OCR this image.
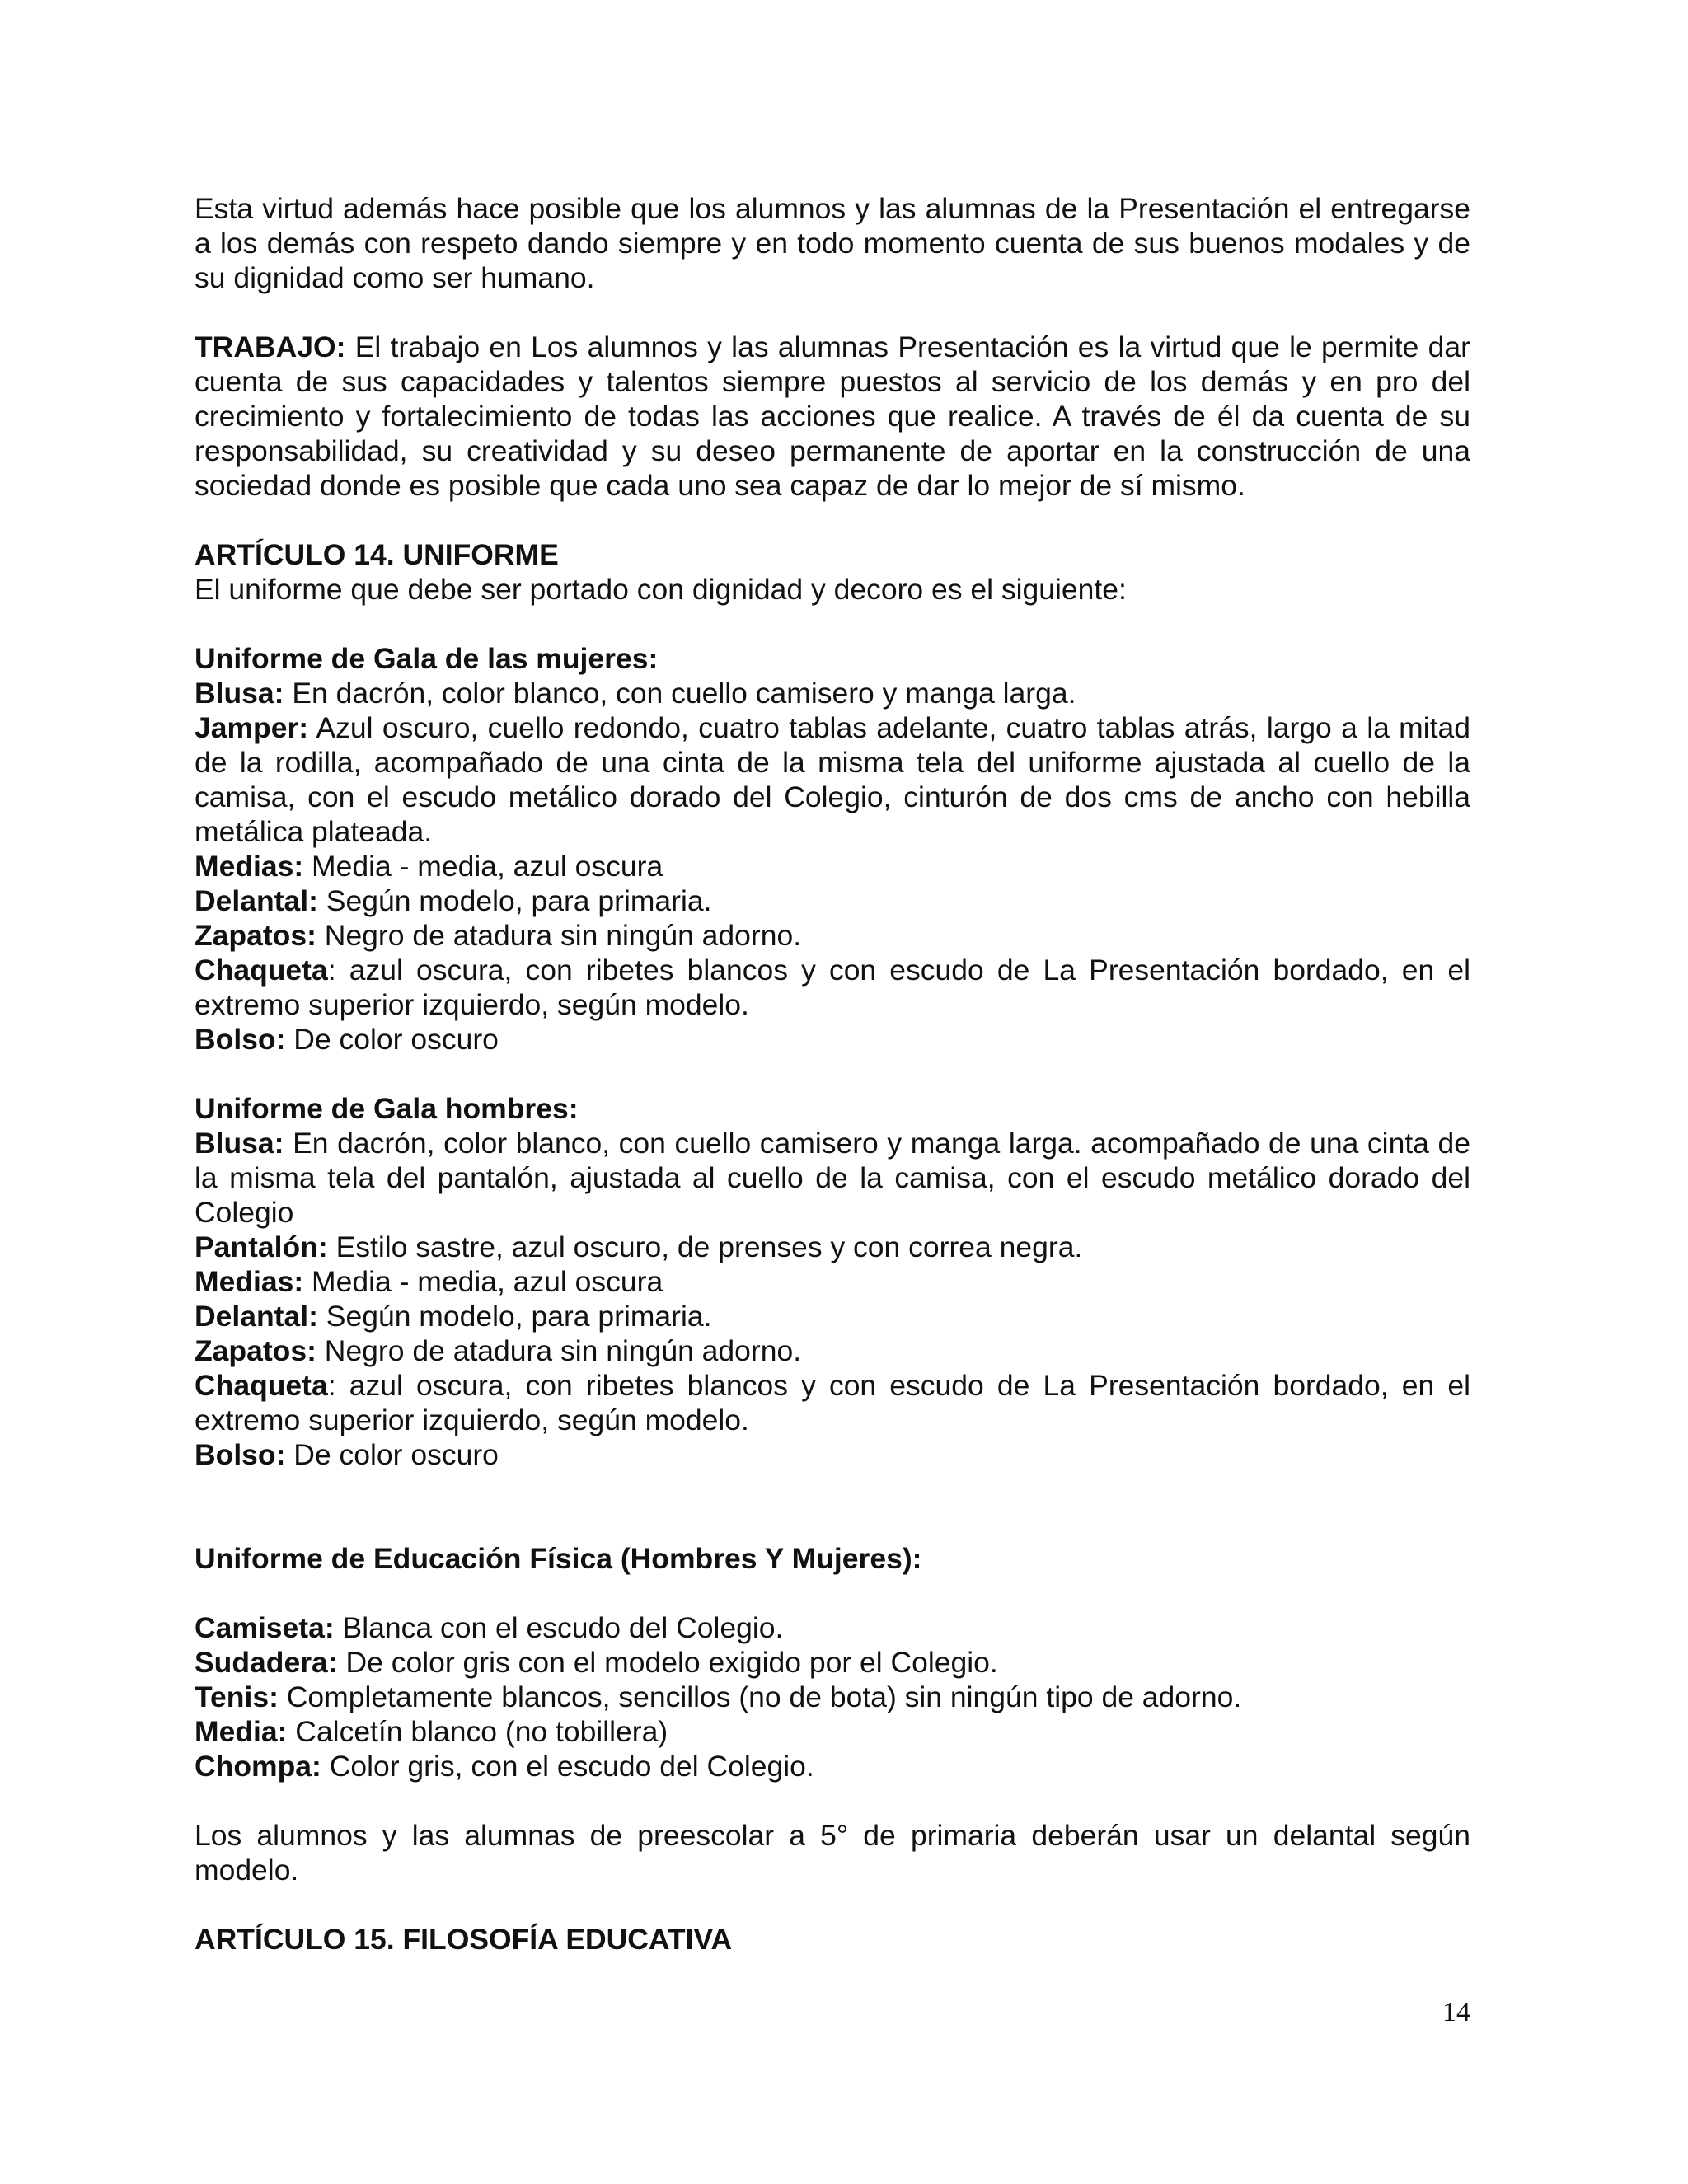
Esta virtud además hace posible que los alumnos y las alumnas de la Presentación el entregarse a los demás con respeto dando siempre y en todo momento cuenta de sus buenos modales y de su dignidad como ser humano.

TRABAJO: El trabajo en Los alumnos y las alumnas Presentación es la virtud que le permite dar cuenta de sus capacidades y talentos siempre puestos al servicio de los demás y en pro del crecimiento y fortalecimiento de todas las acciones que realice. A través de él da cuenta de su responsabilidad, su creatividad y su deseo permanente de aportar en la construcción de una sociedad donde es posible que cada uno sea capaz de dar lo mejor de sí mismo.

ARTÍCULO 14. UNIFORME

El uniforme que debe ser portado con dignidad y decoro es el siguiente:

Uniforme de Gala de las mujeres:

Blusa: En dacrón, color blanco, con cuello camisero y manga larga.

Jamper: Azul oscuro, cuello redondo, cuatro tablas adelante, cuatro tablas atrás, largo a la mitad de la rodilla, acompañado de una cinta de la misma tela del uniforme ajustada al cuello de la camisa, con el escudo metálico dorado del Colegio, cinturón de dos cms de ancho con hebilla metálica plateada.

Medias: Media - media, azul oscura

Delantal: Según modelo, para primaria.

Zapatos: Negro de atadura sin ningún adorno.

Chaqueta: azul oscura, con ribetes blancos y con escudo de La Presentación bordado, en el extremo superior izquierdo, según modelo.

Bolso: De color oscuro

Uniforme de Gala hombres:

Blusa: En dacrón, color blanco, con cuello camisero y manga larga. acompañado de una cinta de la misma tela del pantalón, ajustada al cuello de la camisa, con el escudo metálico dorado del Colegio

Pantalón: Estilo sastre, azul oscuro, de prenses y con correa negra.

Medias: Media - media, azul oscura

Delantal: Según modelo, para primaria.

Zapatos: Negro de atadura sin ningún adorno.

Chaqueta: azul oscura, con ribetes blancos y con escudo de La Presentación bordado, en el extremo superior izquierdo, según modelo.

Bolso: De color oscuro

Uniforme de Educación Física (Hombres Y Mujeres):

Camiseta: Blanca con el escudo del Colegio.

Sudadera: De color gris con el modelo exigido por el Colegio.

Tenis: Completamente blancos, sencillos (no de bota) sin ningún tipo de adorno.

Media: Calcetín blanco (no tobillera)

Chompa: Color gris, con el escudo del Colegio.

Los alumnos y las alumnas de preescolar a 5° de primaria deberán usar un delantal según modelo.

ARTÍCULO 15. FILOSOFÍA EDUCATIVA

14
